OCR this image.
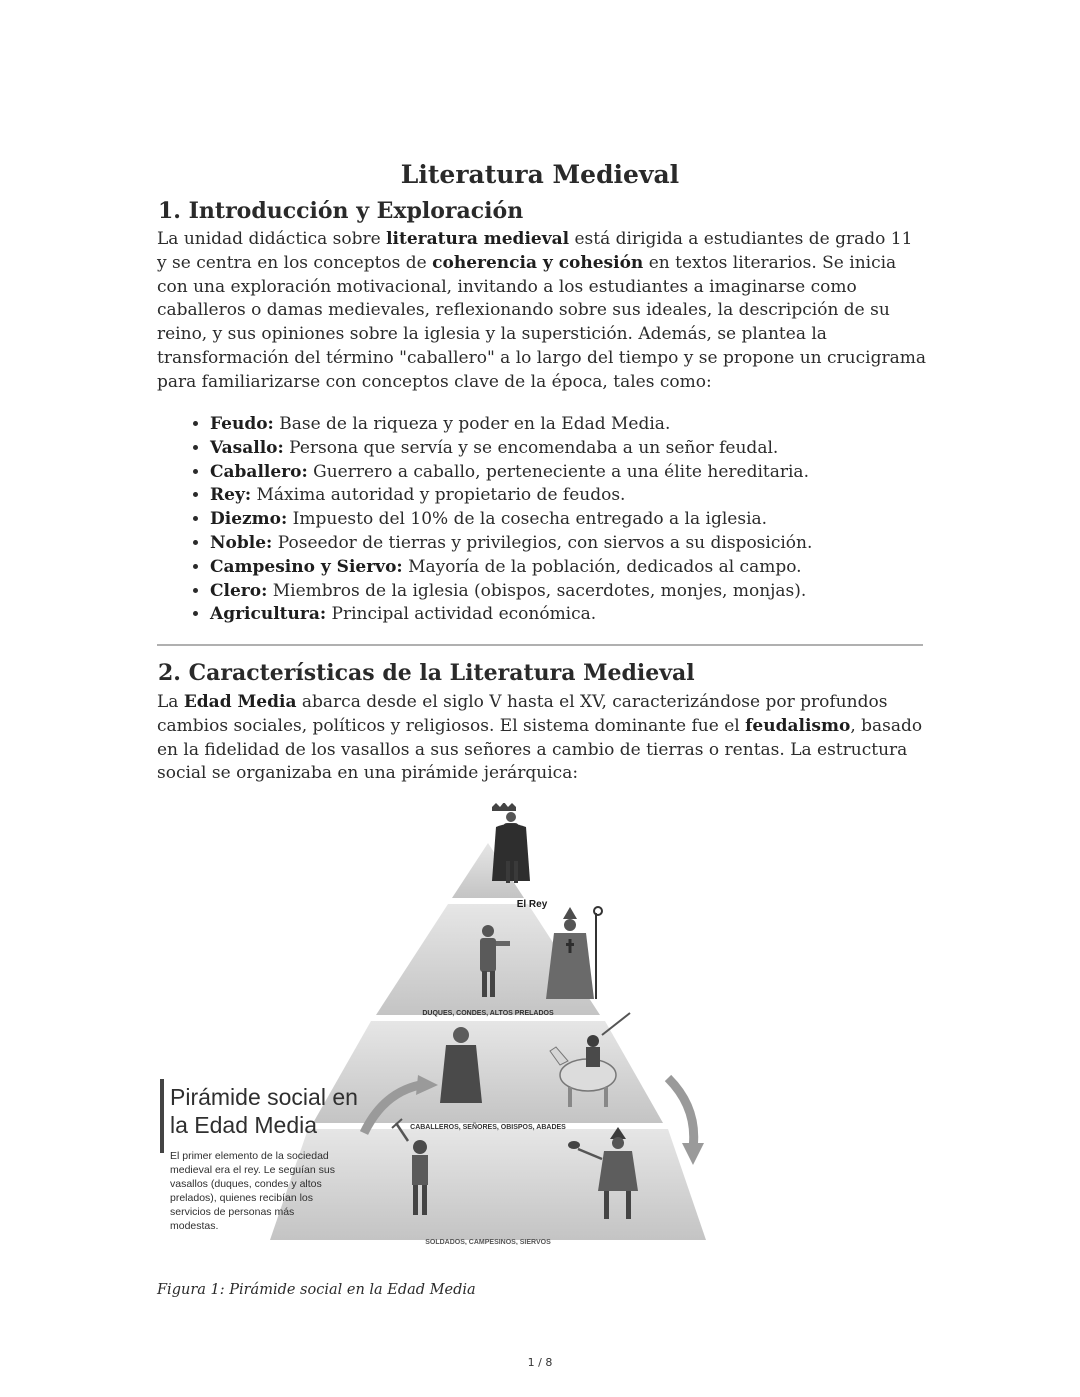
Literatura Medieval
1. Introducción y Exploración

La unidad didáctica sobre literatura medieval está dirigida a estudiantes de grado 11 y se centra en los conceptos de coherencia y cohesión en textos literarios. Se inicia con una exploración motivacional, invitando a los estudiantes a imaginarse como caballeros o damas medievales, reflexionando sobre sus ideales, la descripción de su reino, y sus opiniones sobre la iglesia y la superstición. Además, se plantea la transformación del término "caballero" a lo largo del tiempo y se propone un crucigrama para familiarizarse con conceptos clave de la época, tales como:

• Feudo: Base de la riqueza y poder en la Edad Media.
• Vasallo: Persona que servía y se encomendaba a un señor feudal.
• Caballero: Guerrero a caballo, perteneciente a una élite hereditaria.
• Rey: Máxima autoridad y propietario de feudos.
• Diezmo: Impuesto del 10% de la cosecha entregado a la iglesia.
• Noble: Poseedor de tierras y privilegios, con siervos a su disposición.
• Campesino y Siervo: Mayoría de la población, dedicados al campo.
• Clero: Miembros de la iglesia (obispos, sacerdotes, monjes, monjas).
• Agricultura: Principal actividad económica.
2. Características de la Literatura Medieval

La Edad Media abarca desde el siglo V hasta el XV, caracterizándose por profundos cambios sociales, políticos y religiosos. El sistema dominante fue el feudalismo, basado en la fidelidad de los vasallos a sus señores a cambio de tierras o rentas. La estructura social se organizaba en una pirámide jerárquica:

El Rey
DUQUES, CONDES, ALTOS PRELADOS
CABALLEROS, SEÑORES, OBISPOS, ABADES
SOLDADOS, CAMPESINOS, SIERVOS
Pirámide social en
la Edad Media
El primer elemento de la sociedad
medieval era el rey. Le seguían sus
vasallos (duques, condes y altos
prelados), quienes recibían los
servicios de personas más
modestas.

Figura 1: Pirámide social en la Edad Media

1 / 8
